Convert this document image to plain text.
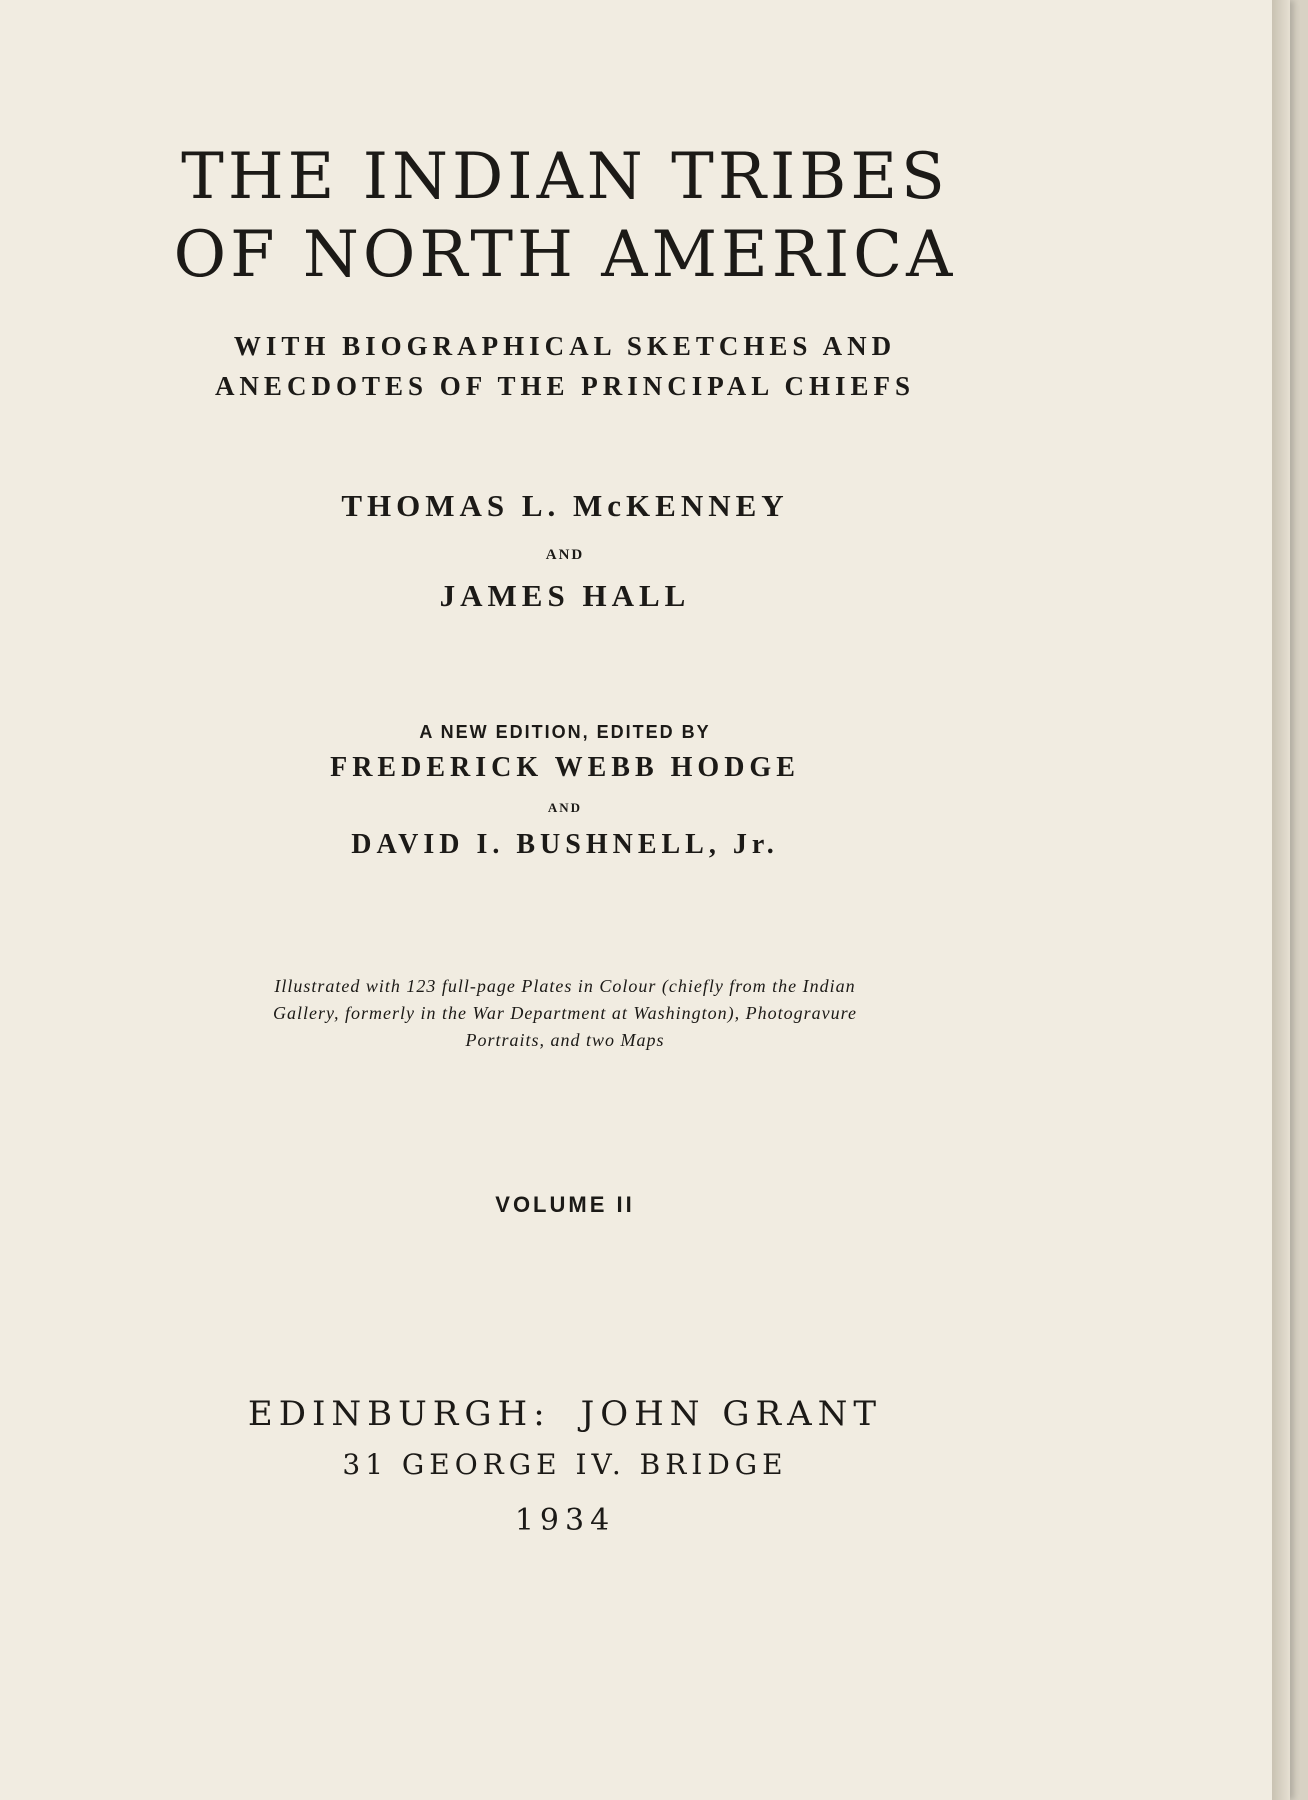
THE INDIAN TRIBES
OF NORTH AMERICA

WITH BIOGRAPHICAL SKETCHES AND

ANECDOTES OF THE PRINCIPAL CHIEFS

THOMAS L. McKENNEY

AND

JAMES HALL

A NEW EDITION, EDITED BY

FREDERICK WEBB HODGE

AND

DAVID I. BUSHNELL, Jr.

Illustrated with 123 full-page Plates in Colour (chiefly from the Indian

Gallery, formerly in the War Department at Washington), Photogravure

Portraits, and two Maps

VOLUME II

EDINBURGH: JOHN GRANT

31 GEORGE IV. BRIDGE

1934
